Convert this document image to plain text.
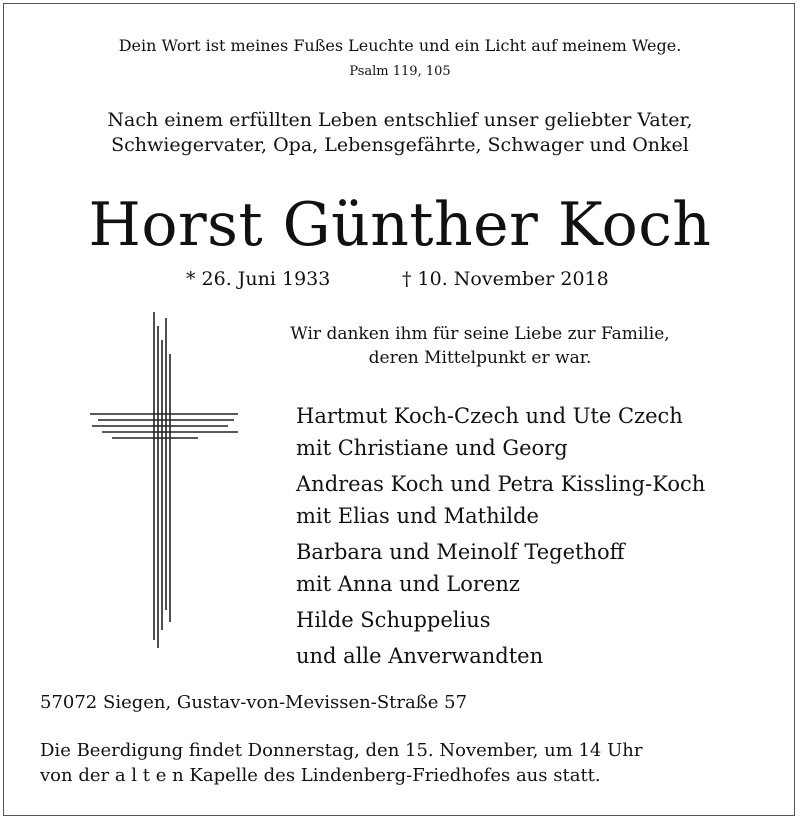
Dein Wort ist meines Fußes Leuchte und ein Licht auf meinem Wege.
Psalm 119, 105
Nach einem erfüllten Leben entschlief unser geliebter Vater,
Schwiegervater, Opa, Lebensgefährte, Schwager und Onkel
Horst Günther Koch
* 26. Juni 1933	† 10. November 2018
Wir danken ihm für seine Liebe zur Familie,
deren Mittelpunkt er war.
Hartmut Koch-Czech und Ute Czech
mit Christiane und Georg
Andreas Koch und Petra Kissling-Koch
mit Elias und Mathilde
Barbara und Meinolf Tegethoff
mit Anna und Lorenz
Hilde Schuppelius
und alle Anverwandten
57072 Siegen, Gustav-von-Mevissen-Straße 57
Die Beerdigung findet Donnerstag, den 15. November, um 14 Uhr
von der a l t e n Kapelle des Lindenberg-Friedhofes aus statt.
